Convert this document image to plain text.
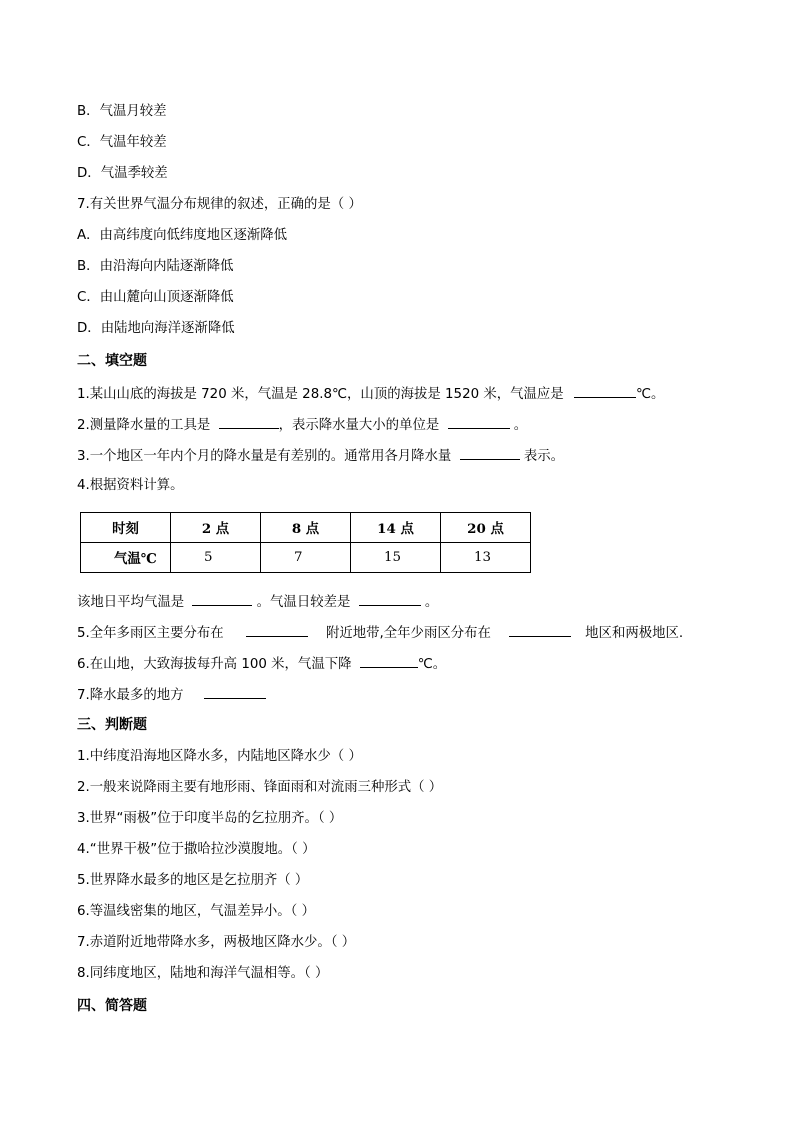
B．气温月较差
C．气温年较差
D．气温季较差
7.有关世界气温分布规律的叙述，正确的是（ ）
A．由高纬度向低纬度地区逐渐降低
B．由沿海向内陆逐渐降低
C．由山麓向山顶逐渐降低
D．由陆地向海洋逐渐降低
二、填空题
1.某山山底的海拔是 720 米，气温是 28.8℃，山顶的海拔是 1520 米，气温应是	℃。
2.测量降水量的工具是	，表示降水量大小的单位是	。
3.一个地区一年内个月的降水量是有差别的。通常用各月降水量	表示。
4.根据资料计算。
时刻	2 点	8 点	14 点	20 点
气温℃	5	7	15	13
该地日平均气温是	。气温日较差是	。
5.全年多雨区主要分布在	附近地带,全年少雨区分布在	地区和两极地区.
6.在山地，大致海拔每升高 100 米，气温下降	℃。
7.降水最多的地方
三、判断题
1.中纬度沿海地区降水多，内陆地区降水少（ ）
2.一般来说降雨主要有地形雨、锋面雨和对流雨三种形式（ ）
3.世界“雨极”位于印度半岛的乞拉朋齐。（ ）
4.“世界干极”位于撒哈拉沙漠腹地。（ ）
5.世界降水最多的地区是乞拉朋齐（ ）
6.等温线密集的地区，气温差异小。（ ）
7.赤道附近地带降水多，两极地区降水少。（ ）
8.同纬度地区，陆地和海洋气温相等。（ ）
四、简答题
